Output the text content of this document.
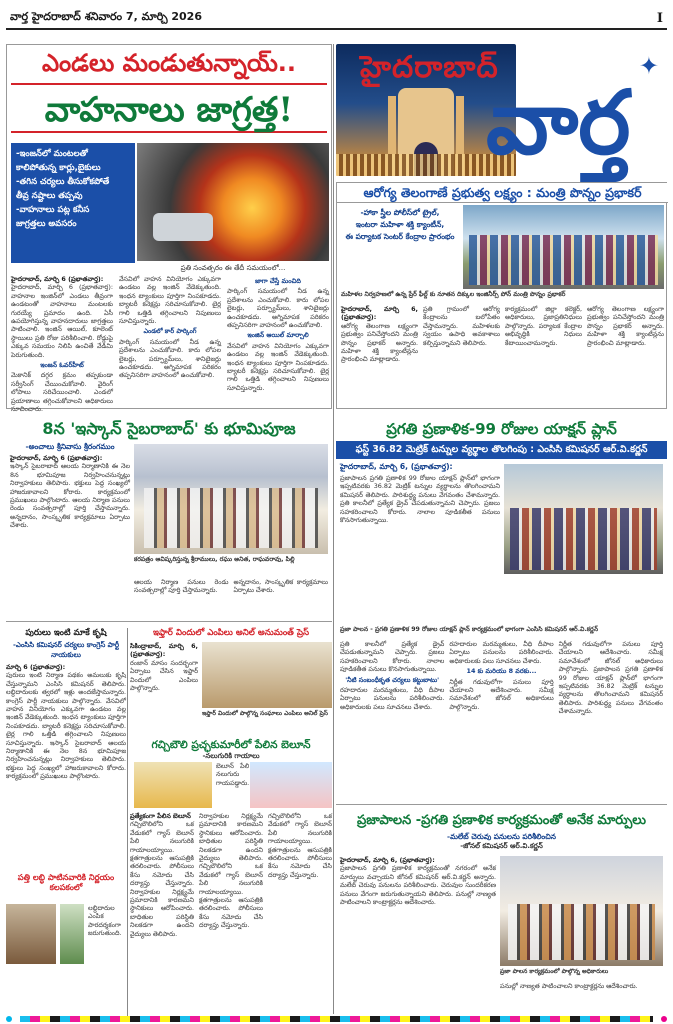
వార్త హైదరాబాద్ శనివారం 7, మార్చి 2026	I
హైదరాబాద్
వార్త
✦
ఎండలు మండుతున్నాయ్..
వాహనాలు జాగ్రత్త!
-ఇంజన్‌లో మంటలతో
కాలిపోతున్న కార్లు,బైకులు
-తగిన చర్యలు తీసుకోకపోతే
తీవ్ర నష్టాలు తప్పవు
-వాహనాలు పట్ల కనీస
జాగ్రత్తలు అవసరం
ప్రతి సంవత్సరం ఈ తేదీ సమయంలో...
హైదరాబాద్, మార్చి 6 (ప్రభాతవార్త):
హైదరాబాద్, మార్చి 6 (ప్రభాతవార్త): వాహనాల ఇంజిన్‌లో ఎండలు తీవ్రంగా ఉండటంతో వాహనాలు మంటలకు గురయ్యే ప్రమాదం ఉంది. ఏసీ ఉపయోగిస్తున్న వాహనదారులు జాగ్రత్తలు పాటించాలి. ఇంజిన్ ఆయిల్, కూలెంట్ స్థాయిలు ప్రతి రోజు పరిశీలించాలి. రోడ్డుపై ఎక్కువ సమయం నిలిపి ఉంచితే వేడిమి పెరుగుతుంది.
ఇంజన్ ఓవర్‌హీట్
మెకానిక్ దగ్గర క్రమం తప్పకుండా సర్వీసింగ్ చేయించుకోవాలి. వైరింగ్ లోపాలు సరిచేయించాలి. ఎండలో ప్రయాణాలు తగ్గించుకోవాలని అధికారులు సూచించారు.
వేసవిలో వాహన వినియోగం ఎక్కువగా ఉండటం వల్ల ఇంజిన్ వేడెక్కుతుంది. ఇంధన ట్యాంకులు పూర్తిగా నింపకూడదు. బ్యాటరీ కనెక్షన్లు సరిచూసుకోవాలి. టైర్ల గాలి ఒత్తిడి తగ్గించాలని నిపుణులు సూచిస్తున్నారు.
ఎండలో కార్ పార్కింగ్
పార్కింగ్ సమయంలో నీడ ఉన్న ప్రదేశాలను ఎంచుకోవాలి. కారు లోపల లైటర్లు, పర్ఫ్యూమ్‌లు, శానిటైజర్లు ఉంచకూడదు. అగ్నిమాపక పరికరం తప్పనిసరిగా వాహనంలో ఉంచుకోవాలి.
జాగా చేస్తే మంచిది
పార్కింగ్ సమయంలో నీడ ఉన్న ప్రదేశాలను ఎంచుకోవాలి. కారు లోపల లైటర్లు, పర్ఫ్యూమ్‌లు, శానిటైజర్లు ఉంచకూడదు. అగ్నిమాపక పరికరం తప్పనిసరిగా వాహనంలో ఉంచుకోవాలి.
ఇంజిన్ ఆయిల్ మార్చాలి
వేసవిలో వాహన వినియోగం ఎక్కువగా ఉండటం వల్ల ఇంజిన్ వేడెక్కుతుంది. ఇంధన ట్యాంకులు పూర్తిగా నింపకూడదు. బ్యాటరీ కనెక్షన్లు సరిచూసుకోవాలి. టైర్ల గాలి ఒత్తిడి తగ్గించాలని నిపుణులు సూచిస్తున్నారు.
ఆరోగ్య తెలంగాణే ప్రభుత్వ లక్ష్యం : మంత్రి పొన్నం ప్రభాకర్
-హాకా స్త్రీల పోలీస్‌లో ట్రైల్,
ఇంటరా మహిళా శక్తి క్యాంటీన్,
ఈ పర్యాటక సెంటర్ కేంద్రాల ప్రారంభం
మహిళల నిర్వహణలో ఉన్న ప్రేర్ ఫీల్డ్ కు నూతన దిక్కుల ఇంజినీర్స్ పోన్ మంత్రి పొన్నం ప్రభాకర్
హైదరాబాద్, మార్చి 6, (ప్రభాతవార్త):
ఆరోగ్య తెలంగాణ లక్ష్యంగా ప్రభుత్వం పనిచేస్తోందని మంత్రి పొన్నం ప్రభాకర్ అన్నారు. మహిళా శక్తి క్యాంటీన్లను ప్రారంభించి మాట్లాడారు.
ప్రతి గ్రామంలో ఆరోగ్య కేంద్రాలను బలోపేతం చేస్తామన్నారు. మహిళలకు స్వయం ఉపాధి అవకాశాలు కల్పిస్తున్నామని తెలిపారు.
కార్యక్రమంలో జిల్లా కలెక్టర్, అధికారులు, ప్రజాప్రతినిధులు పాల్గొన్నారు. పర్యాటక కేంద్రాల అభివృద్ధికి నిధులు కేటాయించామన్నారు.
ఆరోగ్య తెలంగాణ లక్ష్యంగా ప్రభుత్వం పనిచేస్తోందని మంత్రి పొన్నం ప్రభాకర్ అన్నారు. మహిళా శక్తి క్యాంటీన్లను ప్రారంభించి మాట్లాడారు.
8న 'ఇస్కాన్ సైబరాబాద్' కు భూమిపూజ	ప్రగతి ప్రణాళిక-99 రోజుల యాక్షన్ ప్లాన్
ఫస్ట్ 36.82 మెట్రిక్ టన్నుల వ్యర్థాల తొలగింపు : ఎంసిసి కమిషనర్ ఆర్.వి.కర్ణన్
-అంచాలు శ్రీనివాసు శ్రీరంగముం
హైదరాబాద్, మార్చి 6 (ప్రభాతవార్త):
ఇస్కాన్ సైబరాబాద్ ఆలయ నిర్మాణానికి ఈ నెల 8న భూమిపూజ నిర్వహించనున్నట్లు నిర్వాహకులు తెలిపారు. భక్తులు పెద్ద సంఖ్యలో హాజరుకావాలని కోరారు. కార్యక్రమంలో ప్రముఖులు పాల్గొంటారు. ఆలయ నిర్మాణ పనులు రెండు సంవత్సరాల్లో పూర్తి చేస్తామన్నారు. అన్నదానం, సాంస్కృతిక కార్యక్రమాలు ఏర్పాటు చేశారు.
కరపత్రం ఆవిష్కరిస్తున్న శ్రీరాములు, రఘు అనిత, రాఘవరావు, పిల్లి
ఆలయ నిర్మాణ పనులు రెండు సంవత్సరాల్లో పూర్తి చేస్తామన్నారు.
అన్నదానం, సాంస్కృతిక కార్యక్రమాలు ఏర్పాటు చేశారు.
హైదరాబాద్, మార్చి 6, (ప్రభాతవార్త):
ప్రజాపాలన ప్రగతి ప్రణాళిక 99 రోజుల యాక్షన్ ప్లాన్‌లో భాగంగా ఇప్పటివరకు 36.82 మెట్రిక్ టన్నుల వ్యర్థాలను తొలగించామని కమిషనర్ తెలిపారు. పారిశుద్ధ్య పనులు వేగవంతం చేశామన్నారు. ప్రతి కాలనీలో ప్రత్యేక డ్రైవ్ చేపడుతున్నామని చెప్పారు. ప్రజలు సహకరించాలని కోరారు. నాలాల పూడికతీత పనులు కొనసాగుతున్నాయి.
ప్రజా పాలన - ప్రగతి ప్రణాళిక 99 రోజుల యాక్షన్ ప్లాన్ కార్యక్రమంలో భాగంగా ఎంసిసి కమిషనర్ ఆర్.వి.కర్ణన్
ప్రతి కాలనీలో ప్రత్యేక డ్రైవ్ చేపడుతున్నామని చెప్పారు. ప్రజలు సహకరించాలని కోరారు. నాలాల పూడికతీత పనులు కొనసాగుతున్నాయి.
'నీటి సంబంధీకృత చర్యలు కట్టుబాటు'
రహదారుల మరమ్మతులు, వీధి దీపాల ఏర్పాటు పనులను పరిశీలించారు. అధికారులకు పలు సూచనలు చేశారు.
రహదారుల మరమ్మతులు, వీధి దీపాల ఏర్పాటు పనులను పరిశీలించారు. అధికారులకు పలు సూచనలు చేశారు.
14 కు మరియు 8 వరకు...
నిర్ణీత గడువులోగా పనులు పూర్తి చేయాలని ఆదేశించారు. సమీక్ష సమావేశంలో జోనల్ అధికారులు పాల్గొన్నారు.
నిర్ణీత గడువులోగా పనులు పూర్తి చేయాలని ఆదేశించారు. సమీక్ష సమావేశంలో జోనల్ అధికారులు పాల్గొన్నారు. ప్రజాపాలన ప్రగతి ప్రణాళిక 99 రోజుల యాక్షన్ ప్లాన్‌లో భాగంగా ఇప్పటివరకు 36.82 మెట్రిక్ టన్నుల వ్యర్థాలను తొలగించామని కమిషనర్ తెలిపారు. పారిశుద్ధ్య పనులు వేగవంతం చేశామన్నారు.
పురులు ఇంటి మాకే కృషి
-ఎంసిసి కమిషనర్ చర్యలు కాంగ్రెస్ పార్టీ నాయకులు
మార్చి 6 (ప్రభాతవార్త):
పురులు ఇంటి నిర్మాణ పథకం అమలుకు కృషి చేస్తున్నామని ఎంసిసి కమిషనర్ తెలిపారు. లబ్ధిదారులకు త్వరలో ఇళ్లు అందజేస్తామన్నారు. కాంగ్రెస్ పార్టీ నాయకులు పాల్గొన్నారు. వేసవిలో వాహన వినియోగం ఎక్కువగా ఉండటం వల్ల ఇంజిన్ వేడెక్కుతుంది. ఇంధన ట్యాంకులు పూర్తిగా నింపకూడదు. బ్యాటరీ కనెక్షన్లు సరిచూసుకోవాలి. టైర్ల గాలి ఒత్తిడి తగ్గించాలని నిపుణులు సూచిస్తున్నారు. ఇస్కాన్ సైబరాబాద్ ఆలయ నిర్మాణానికి ఈ నెల 8న భూమిపూజ నిర్వహించనున్నట్లు నిర్వాహకులు తెలిపారు. భక్తులు పెద్ద సంఖ్యలో హాజరుకావాలని కోరారు. కార్యక్రమంలో ప్రముఖులు పాల్గొంటారు.
పత్తి లబ్ధి పాటినవారికి నిర్ణయం
కలపకంలో
లబ్ధిదారుల ఎంపిక పారదర్శకంగా జరుగుతుంది.
ఇఫ్తార్ విందులో ఎంపిలు అనిల్ అనుమంత్ ప్రెస్
సికింద్రాబాద్, మార్చి 6, (ప్రభాతవార్త):
రంజాన్ మాసం సందర్భంగా ఏర్పాటు చేసిన ఇఫ్తార్ విందులో ఎంపిలు పాల్గొన్నారు.
ఇఫ్తార్ విందులో పాల్గొన్న సంఘాలు ఎంపిలు అనిల్ ప్రెస్
గచ్చిబౌలి ప్రచ్ఛకుమారీలో పేలిన బెలూన్
-నలుగురికి గాయాలు
బెలూన్ పేలి నలుగురు గాయపడ్డారు.
ప్రత్యేకంగా పేలిన బెలూన్
గచ్చిబౌలిలోని ఒక వేడుకలో గ్యాస్ బెలూన్ పేలి నలుగురికి గాయాలయ్యాయి. క్షతగాత్రులను ఆసుపత్రికి తరలించారు. పోలీసులు కేసు నమోదు చేసి దర్యాప్తు చేస్తున్నారు. నిర్వాహకుల నిర్లక్ష్యమే ప్రమాదానికి కారణమని స్థానికులు ఆరోపించారు. బాధితుల పరిస్థితి నిలకడగా ఉందని వైద్యులు తెలిపారు.
నిర్వాహకుల నిర్లక్ష్యమే ప్రమాదానికి కారణమని స్థానికులు ఆరోపించారు. బాధితుల పరిస్థితి నిలకడగా ఉందని వైద్యులు తెలిపారు. గచ్చిబౌలిలోని ఒక వేడుకలో గ్యాస్ బెలూన్ పేలి నలుగురికి గాయాలయ్యాయి. క్షతగాత్రులను ఆసుపత్రికి తరలించారు. పోలీసులు కేసు నమోదు చేసి దర్యాప్తు చేస్తున్నారు.
గచ్చిబౌలిలోని ఒక వేడుకలో గ్యాస్ బెలూన్ పేలి నలుగురికి గాయాలయ్యాయి. క్షతగాత్రులను ఆసుపత్రికి తరలించారు. పోలీసులు కేసు నమోదు చేసి దర్యాప్తు చేస్తున్నారు.
ప్రజాపాలన -ప్రగతి ప్రణాళిక కార్యక్రమంతో అనేక మార్పులు
-మలేబ్ చెరువు పనులను పరిశీలించిన
-జోనల్ కమిషనర్ ఆర్.వి.కర్ణన్
హైదరాబాద్, మార్చి 6, (ప్రభాతవార్త):
ప్రజాపాలన ప్రగతి ప్రణాళిక కార్యక్రమంతో నగరంలో అనేక మార్పులు వచ్చాయని జోనల్ కమిషనర్ ఆర్.వి.కర్ణన్ అన్నారు. మలేబ్ చెరువు పనులను పరిశీలించారు. చెరువుల సుందరీకరణ పనులు వేగంగా జరుగుతున్నాయని తెలిపారు. పనుల్లో నాణ్యత పాటించాలని కాంట్రాక్టర్లను ఆదేశించారు.
ప్రజా పాలన కార్యక్రమంలో పాల్గొన్న అధికారులు
పనుల్లో నాణ్యత పాటించాలని కాంట్రాక్టర్లను ఆదేశించారు.
